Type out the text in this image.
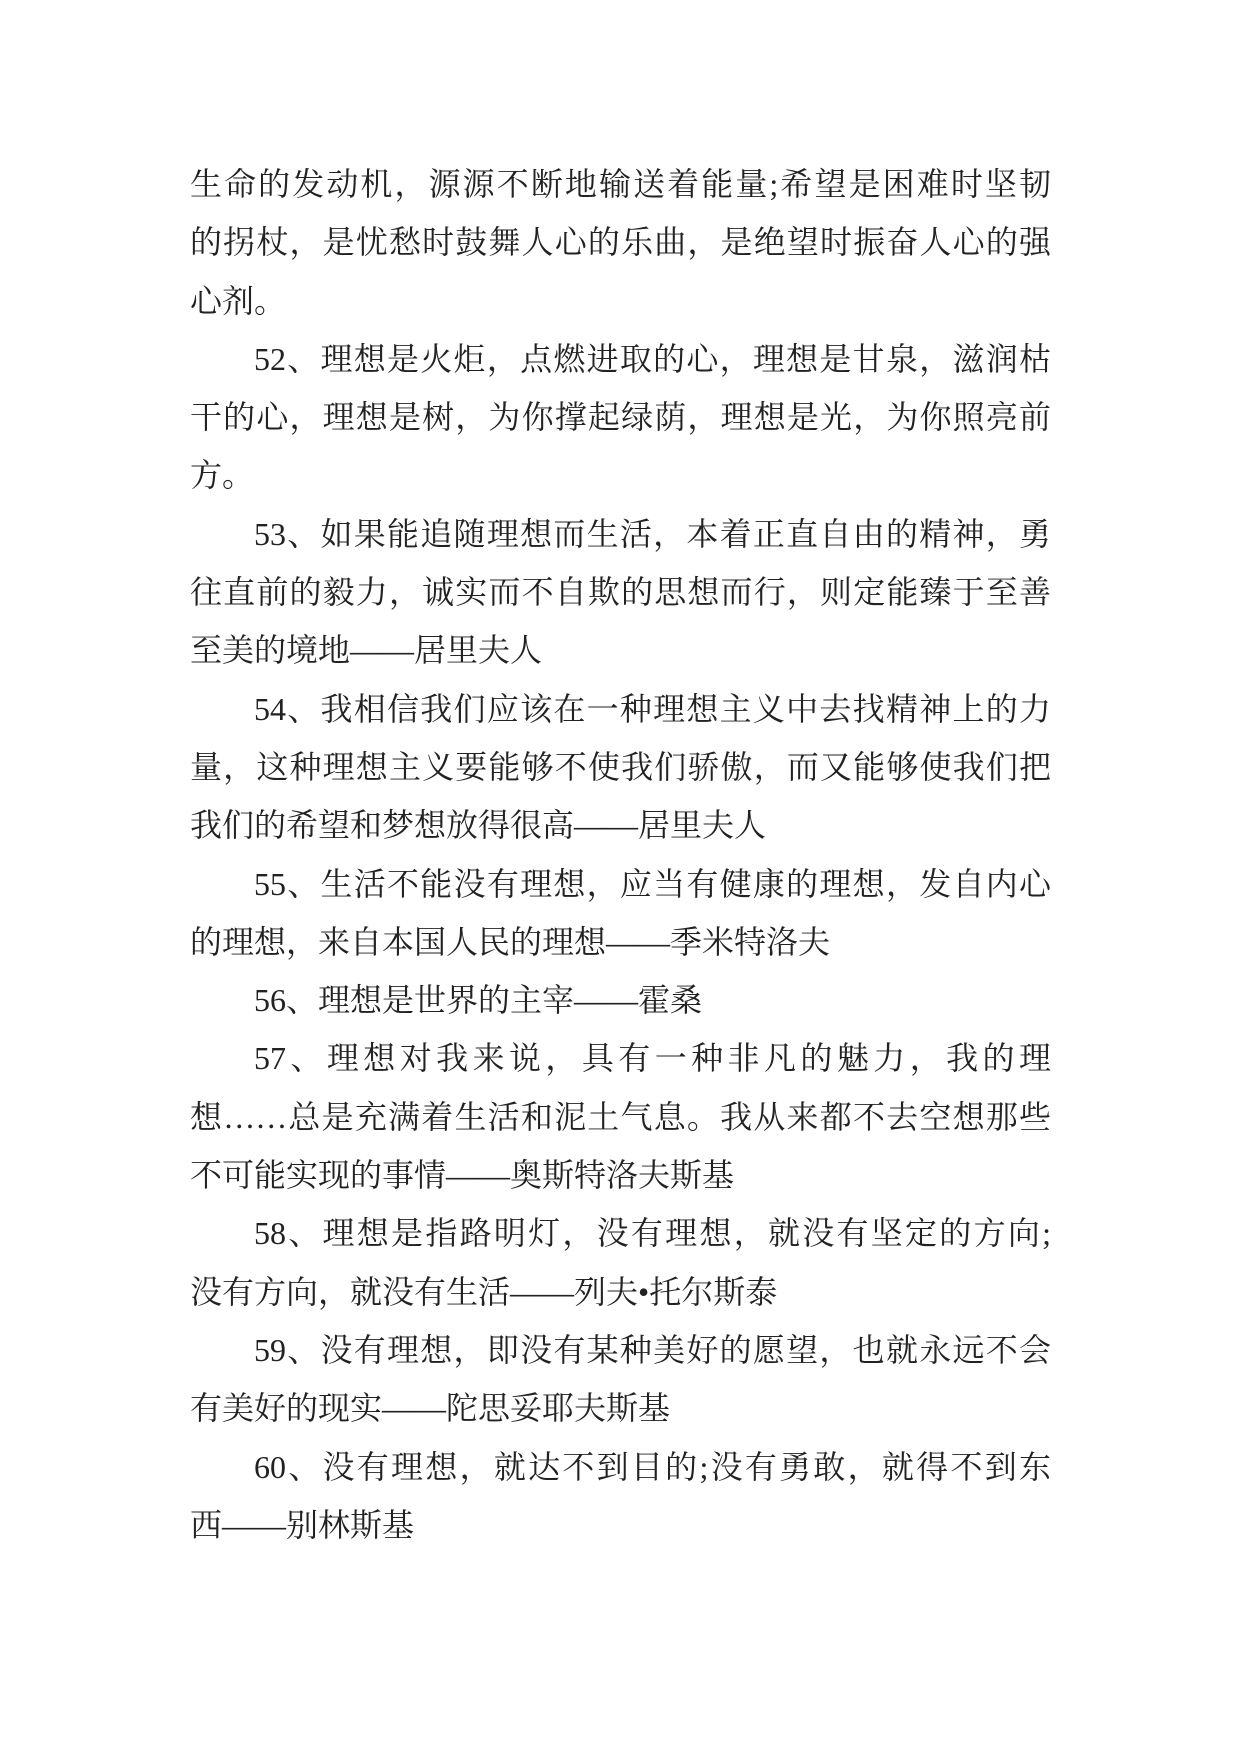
生命的发动机，源源不断地输送着能量;希望是困难时坚韧
的拐杖，是忧愁时鼓舞人心的乐曲，是绝望时振奋人心的强
心剂。
52、理想是火炬，点燃进取的心，理想是甘泉，滋润枯
干的心，理想是树，为你撑起绿荫，理想是光，为你照亮前
方。
53、如果能追随理想而生活，本着正直自由的精神，勇
往直前的毅力，诚实而不自欺的思想而行，则定能臻于至善
至美的境地——居里夫人
54、我相信我们应该在一种理想主义中去找精神上的力
量，这种理想主义要能够不使我们骄傲，而又能够使我们把
我们的希望和梦想放得很高——居里夫人
55、生活不能没有理想，应当有健康的理想，发自内心
的理想，来自本国人民的理想——季米特洛夫
56、理想是世界的主宰——霍桑
57、理想对我来说，具有一种非凡的魅力，我的理
想……总是充满着生活和泥土气息。我从来都不去空想那些
不可能实现的事情——奥斯特洛夫斯基
58、理想是指路明灯，没有理想，就没有坚定的方向;
没有方向，就没有生活——列夫•托尔斯泰
59、没有理想，即没有某种美好的愿望，也就永远不会
有美好的现实——陀思妥耶夫斯基
60、没有理想，就达不到目的;没有勇敢，就得不到东
西——别林斯基
